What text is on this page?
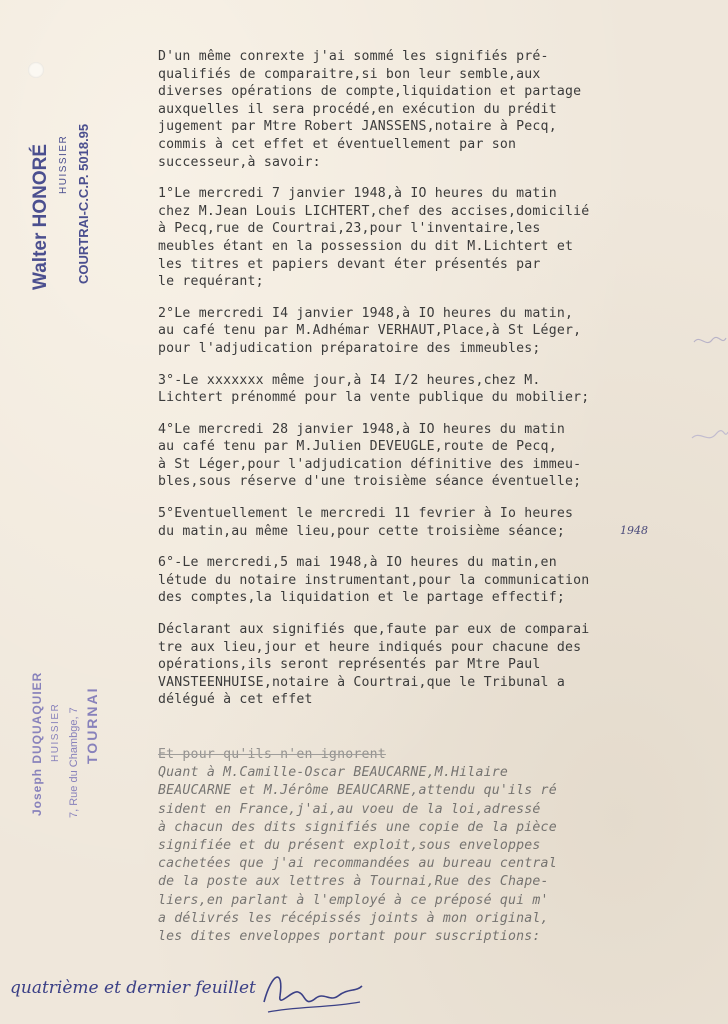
Walter HONORÉ HUISSIER COURTRAI-C.C.P. 5018.95
Joseph DUQUAQUIER HUISSIER 7, Rue du Chambge, 7 TOURNAI
D'un même conrexte j'ai sommé les signifiés pré-
qualifiés de comparaitre,si bon leur semble,aux
diverses opérations de compte,liquidation et partage
auxquelles il sera procédé,en exécution du prédit
jugement par Mtre Robert JANSSENS,notaire à Pecq,
commis à cet effet et éventuellement par son
successeur,à savoir:
1°Le mercredi 7 janvier 1948,à IO heures du matin
chez M.Jean Louis LICHTERT,chef des accises,domicilié
à Pecq,rue de Courtrai,23,pour l'inventaire,les
meubles étant en la possession du dit M.Lichtert et
les titres et papiers devant éter présentés par
le requérant;
2°Le mercredi I4 janvier 1948,à IO heures du matin,
au café tenu par M.Adhémar VERHAUT,Place,à St Léger,
pour l'adjudication préparatoire des immeubles;
3°-Le xxxxxxx même jour,à I4 I/2 heures,chez M.
Lichtert prénommé pour la vente publique du mobilier;
4°Le mercredi 28 janvier 1948,à IO heures du matin
au café tenu par M.Julien DEVEUGLE,route de Pecq,
à St Léger,pour l'adjudication définitive des immeu-
bles,sous réserve d'une troisième séance éventuelle;
5°Eventuellement le mercredi 11 fevrier à Io heures
du matin,au même lieu,pour cette troisième séance;
6°-Le mercredi,5 mai 1948,à IO heures du matin,en
létude du notaire instrumentant,pour la communication
des comptes,la liquidation et le partage effectif;
Déclarant aux signifiés que,faute par eux de comparai
tre aux lieu,jour et heure indiqués pour chacune des
opérations,ils seront représentés par Mtre Paul
VANSTEENHUISE,notaire à Courtrai,que le Tribunal a
délégué à cet effet
1948
Et pour qu'ils n'en ignorent
Quant à M.Camille-Oscar BEAUCARNE,M.Hilaire
BEAUCARNE et M.Jérôme BEAUCARNE,attendu qu'ils ré
sident en France,j'ai,au voeu de la loi,adressé
à chacun des dits signifiés une copie de la pièce
signifiée et du présent exploit,sous enveloppes
cachetées que j'ai recommandées au bureau central
de la poste aux lettres à Tournai,Rue des Chape-
liers,en parlant à l'employé à ce préposé qui m'
a délivrés les récépissés joints à mon original,
les dites enveloppes portant pour suscriptions:
quatrième et dernier feuillet
